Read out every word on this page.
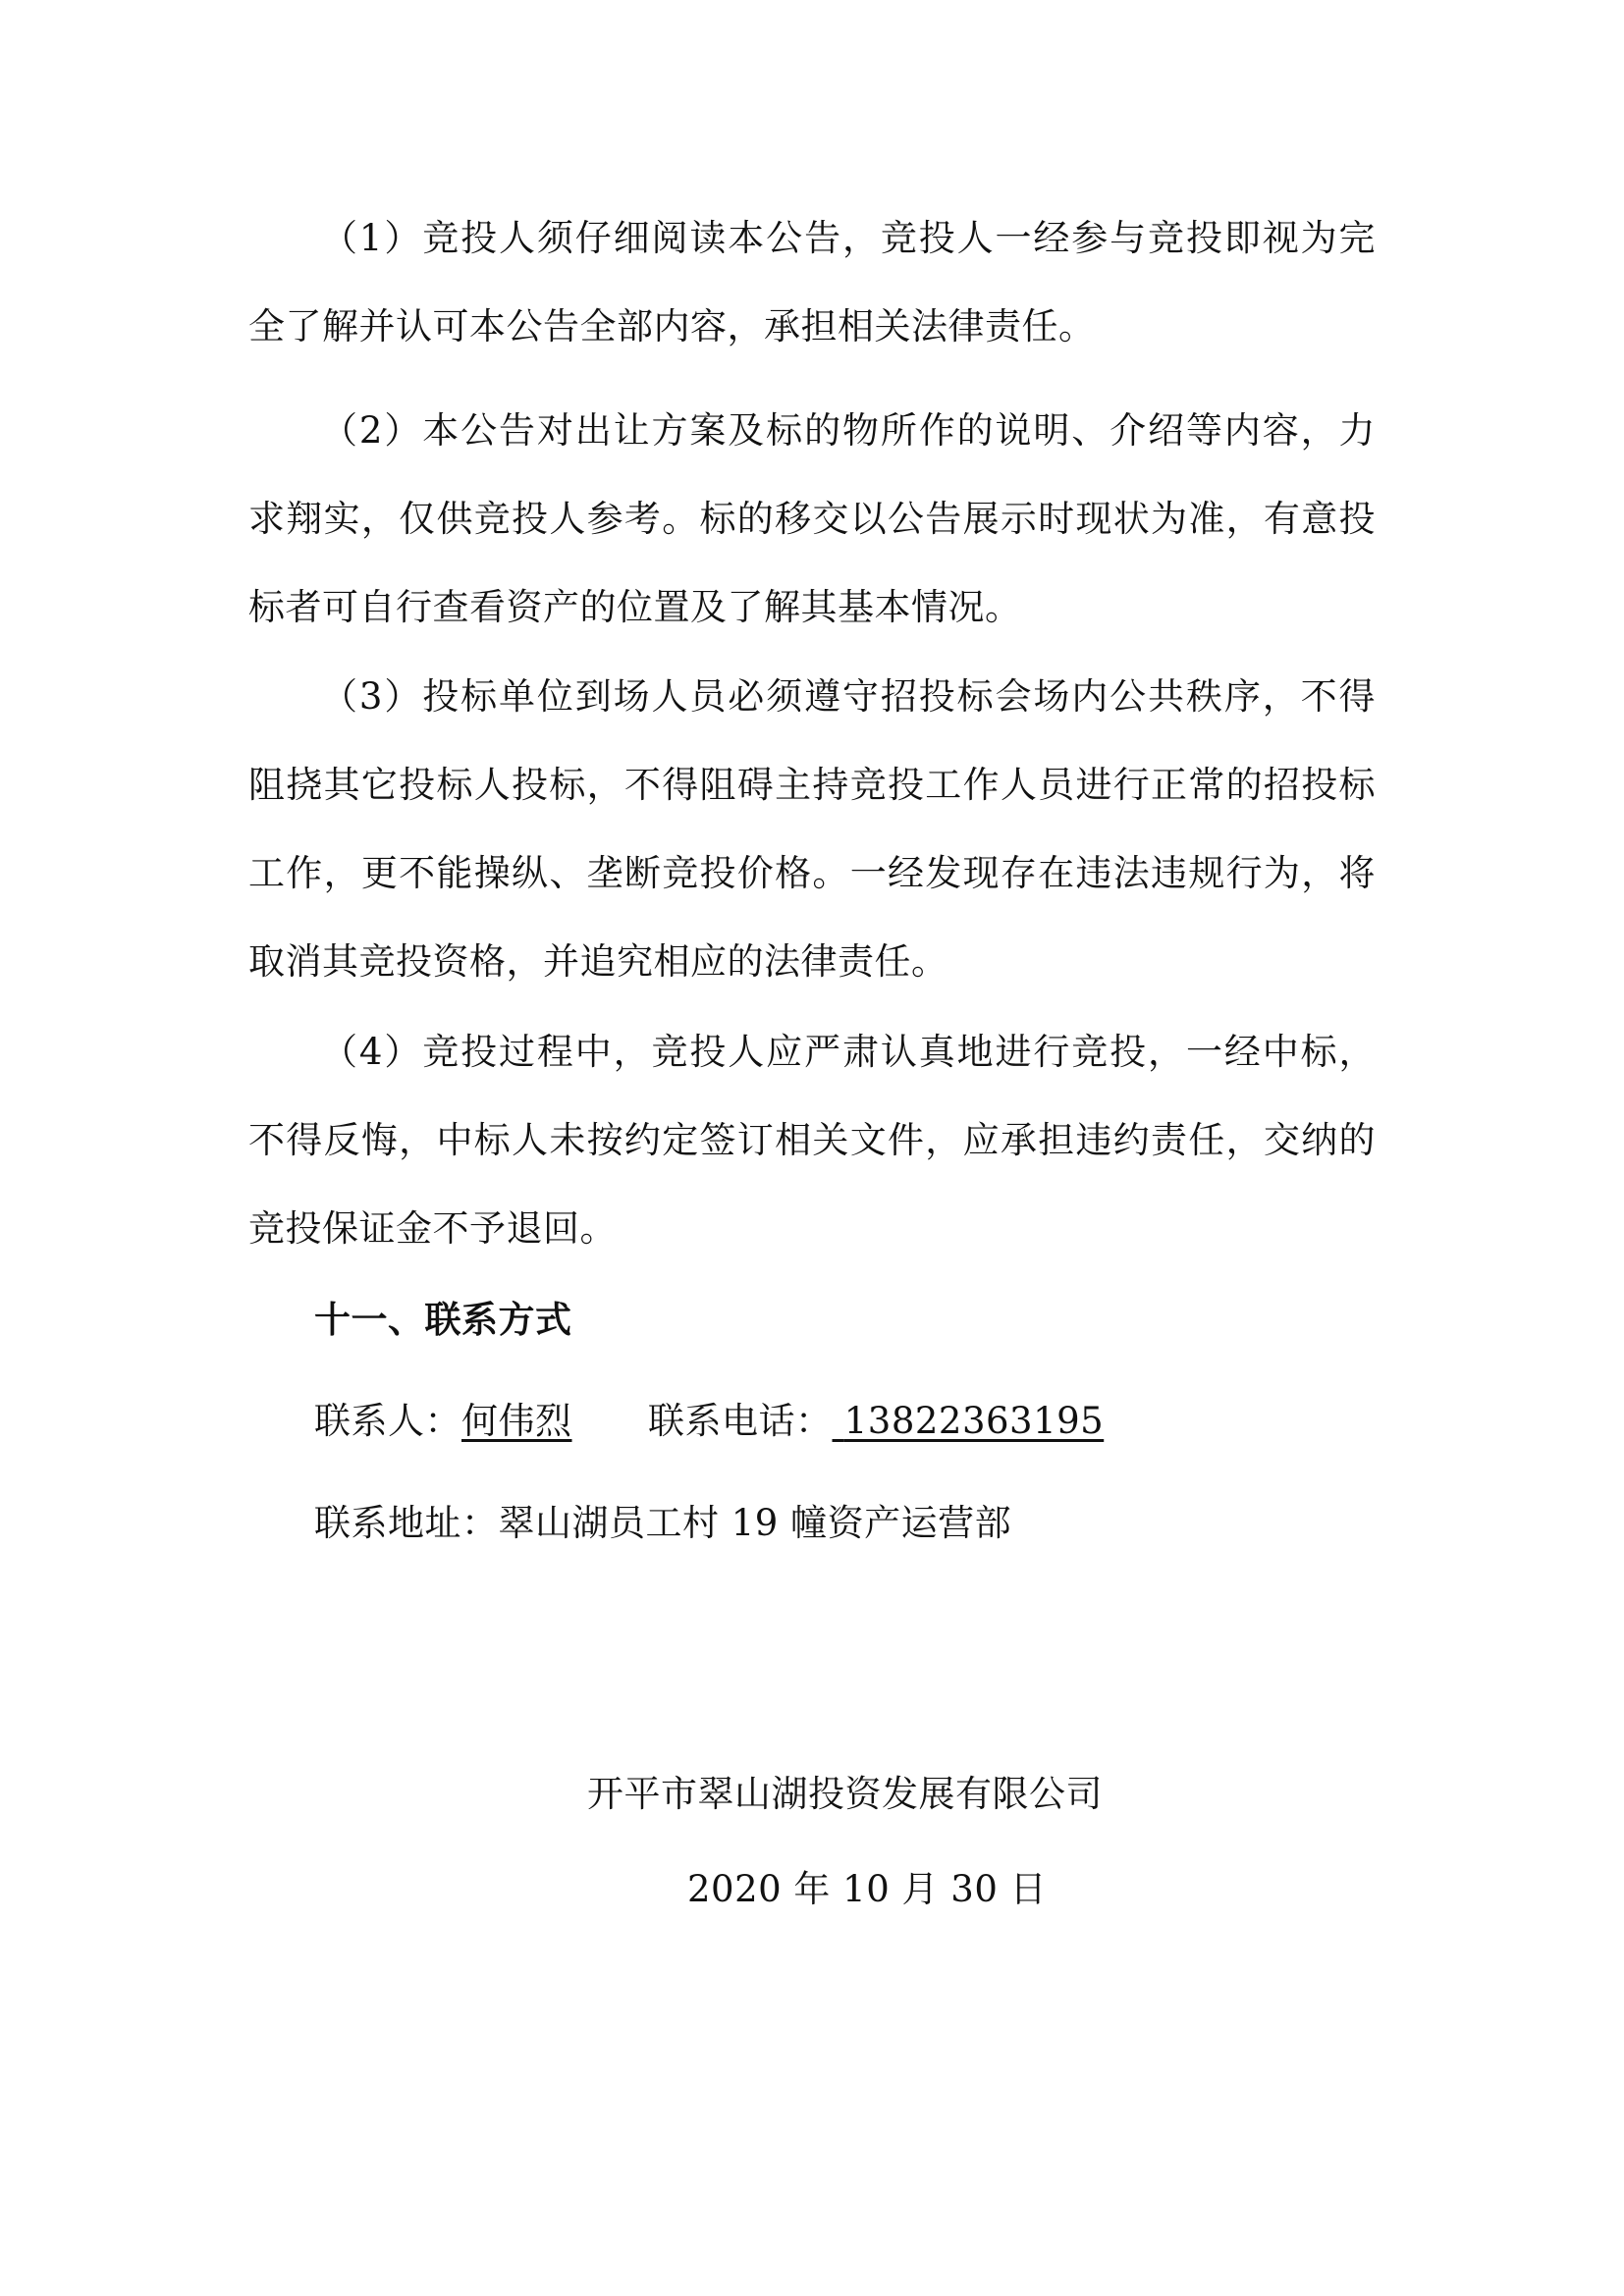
（1）竞投人须仔细阅读本公告，竞投人一经参与竞投即视为完全了解并认可本公告全部内容，承担相关法律责任。

（2）本公告对出让方案及标的物所作的说明、介绍等内容，力求翔实，仅供竞投人参考。标的移交以公告展示时现状为准，有意投标者可自行查看资产的位置及了解其基本情况。

（3）投标单位到场人员必须遵守招投标会场内公共秩序，不得阻挠其它投标人投标，不得阻碍主持竞投工作人员进行正常的招投标工作，更不能操纵、垄断竞投价格。一经发现存在违法违规行为，将取消其竞投资格，并追究相应的法律责任。

（4）竞投过程中，竞投人应严肃认真地进行竞投，一经中标，不得反悔，中标人未按约定签订相关文件，应承担违约责任，交纳的竞投保证金不予退回。

十一、联系方式

联系人：何伟烈 联系电话： 13822363195

联系地址：翠山湖员工村 19 幢资产运营部

开平市翠山湖投资发展有限公司

2020 年 10 月 30 日
